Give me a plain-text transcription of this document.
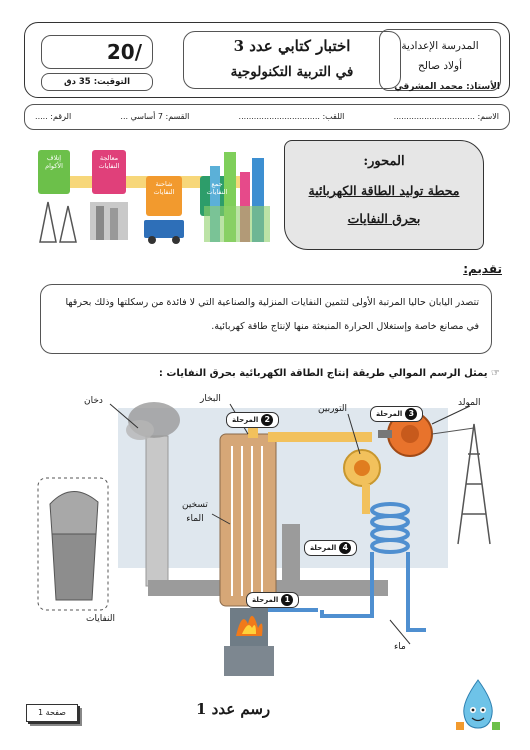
المدرسة الإعدادية
أولاد صالح
اختبار كتابي عدد 3
في التربية التكنولوجية
20/
التوقيت: 35 دق	الأستاذ: محمد المشرقي
الاسم: ................................
اللقب: ................................
القسم: 7 أساسي ...
الرقم: .....
إتلاف الأكوام
معالجة النفايات
شاحنة النفايات
جمع النفايات
المحور:
محطة توليد الطاقة الكهربائية
بحرق النفايات
تقديم:
تتصدر اليابان حاليا المرتبة الأولى لتثمين النفايات المنزلية والصناعية التي لا فائدة من رسكلتها وذلك بحرقها في مصانع خاصة وإستغلال الحرارة المنبعثة منها لإنتاج طاقة كهربائية.
☞ يمثل الرسم الموالي طريقة إنتاج الطاقة الكهربائية بحرق النفايات :
دخان	البخار
التوربين
المولد
تسخين
الماء
النفايات
ماء
1المرحلة
2المرحلة
3المرحلة
4المرحلة
رسم عدد 1
صفحة 1
